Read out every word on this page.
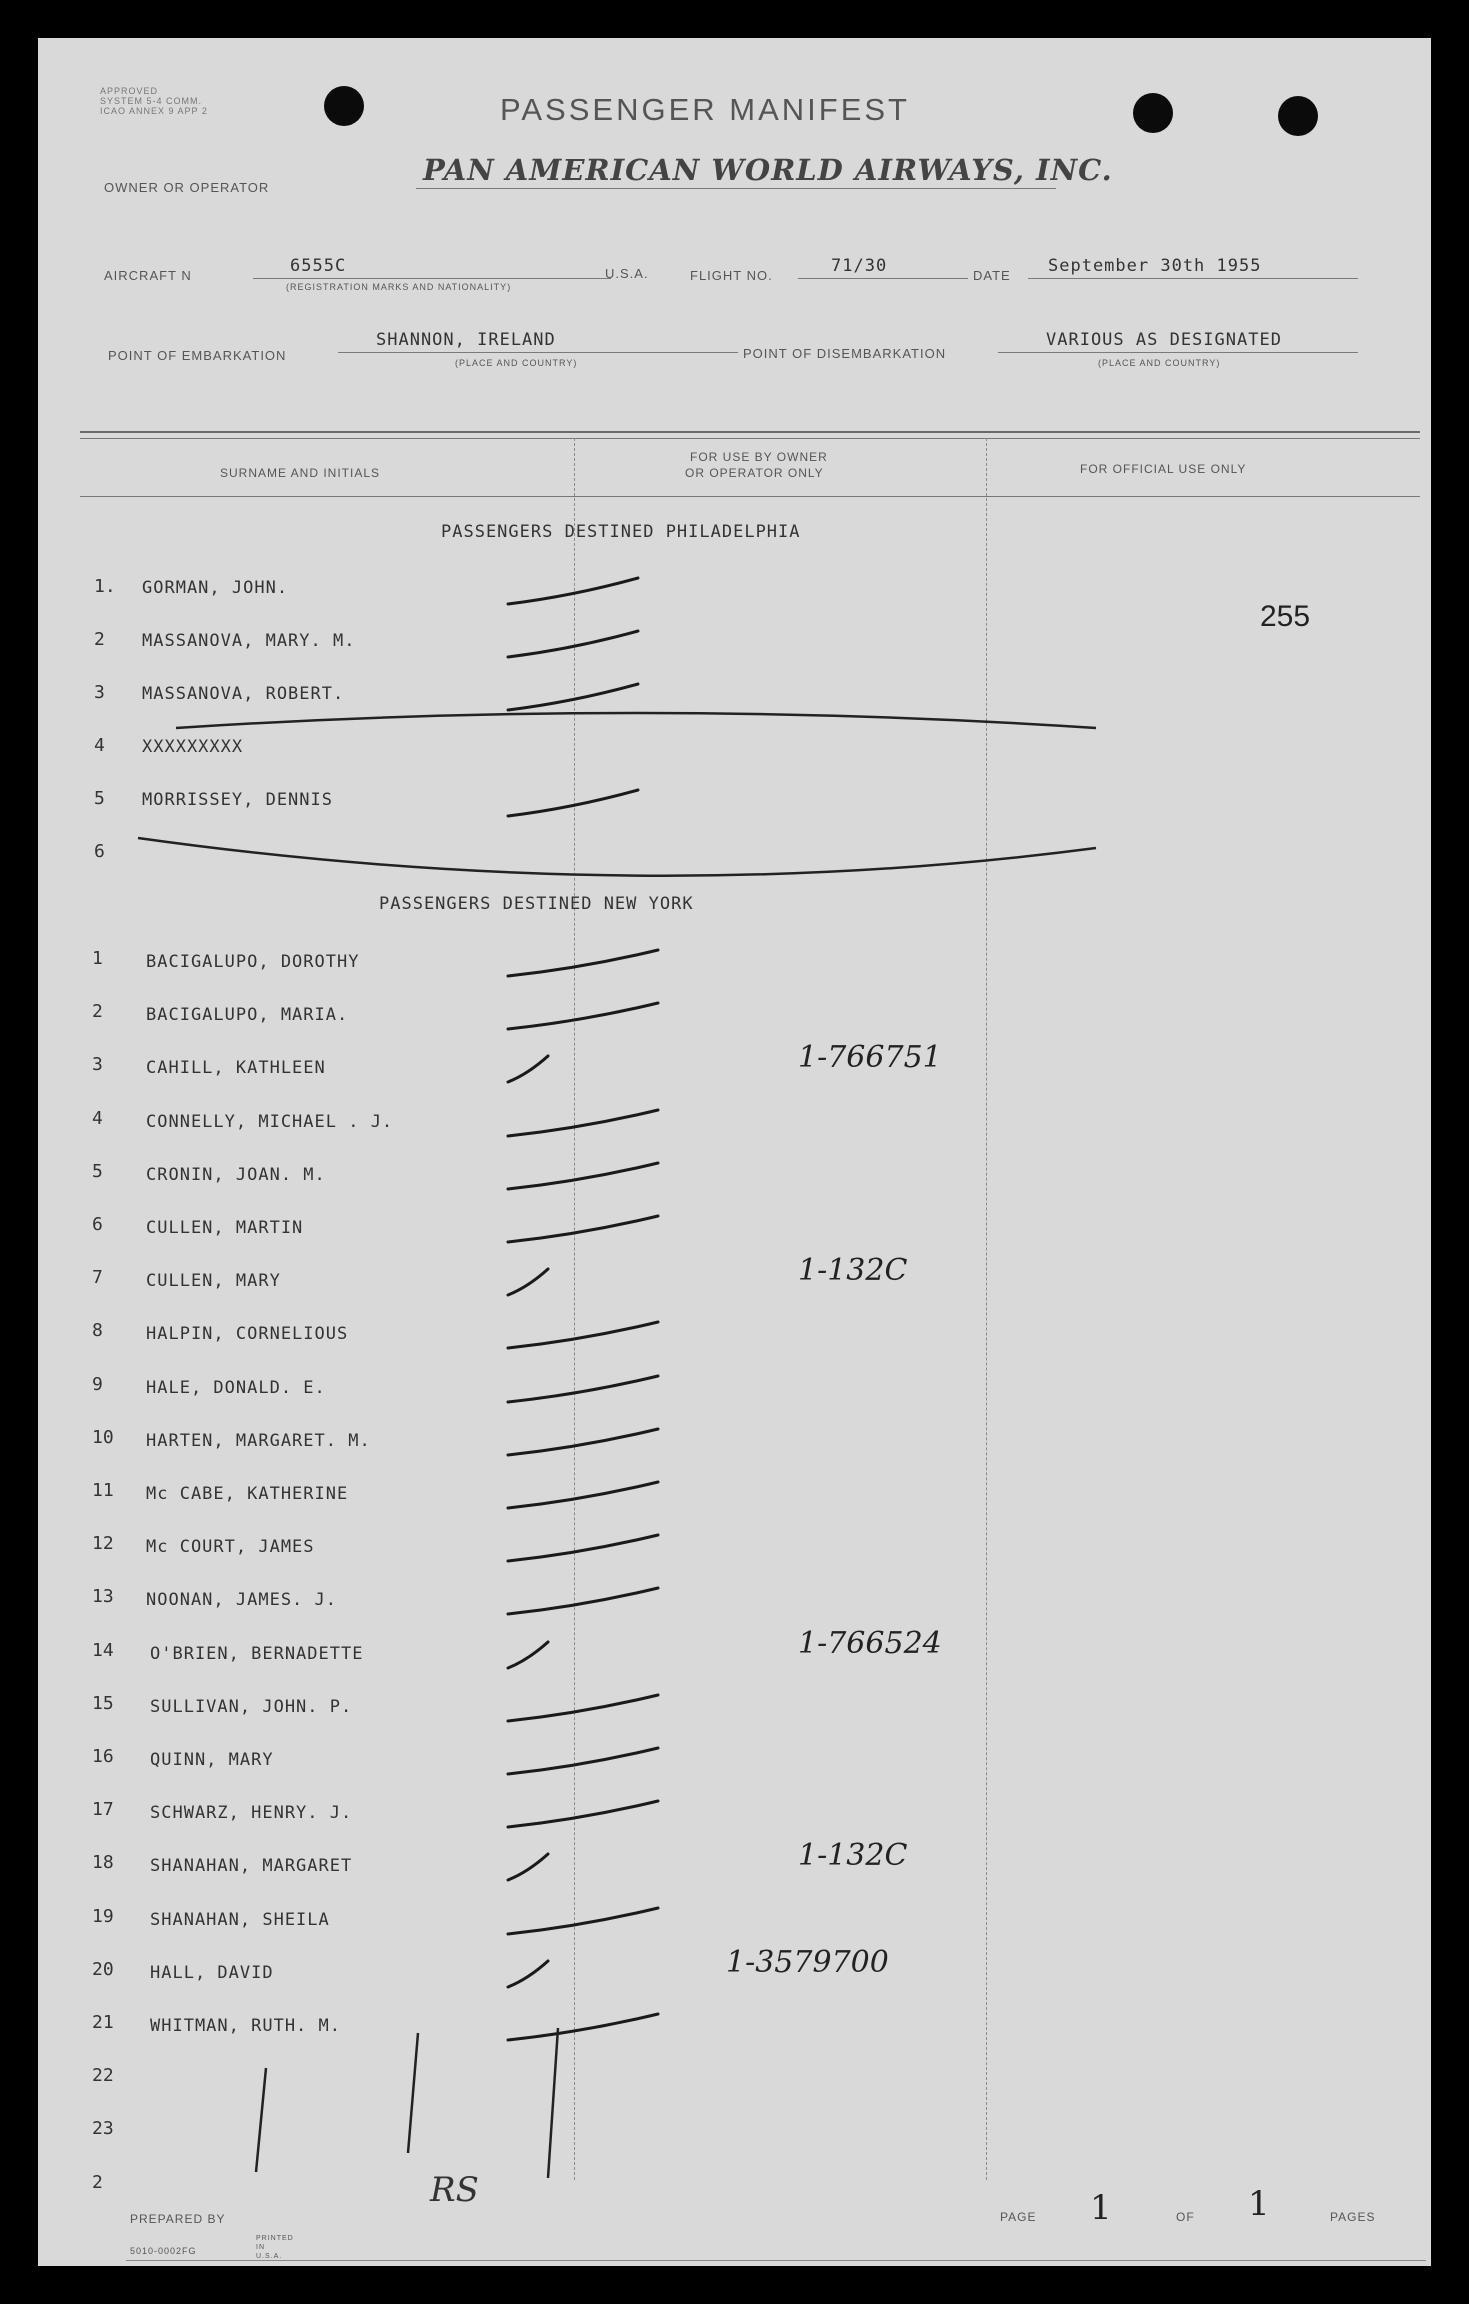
APPROVED
SYSTEM 5-4 COMM.
ICAO ANNEX 9 APP 2	PASSENGER MANIFEST
OWNER OR OPERATOR
PAN AMERICAN WORLD AIRWAYS, INC.
AIRCRAFT N	6555C
(REGISTRATION MARKS AND NATIONALITY)
U.S.A.	FLIGHT NO.	71/30	DATE September 30th 1955
POINT OF EMBARKATION
SHANNON, IRELAND
(PLACE AND COUNTRY)
POINT OF DISEMBARKATION
VARIOUS AS DESIGNATED
(PLACE AND COUNTRY)
SURNAME AND INITIALS
FOR USE BY OWNER
OR OPERATOR ONLY	FOR OFFICIAL USE ONLY
255
PASSENGERS DESTINED PHILADELPHIA
PASSENGERS DESTINED NEW YORK
1.	GORMAN, JOHN.
2	MASSANOVA, MARY. M.
3	MASSANOVA, ROBERT.
4	XXXXXXXXX
5	MORRISSEY, DENNIS
6
1	BACIGALUPO, DOROTHY
2	BACIGALUPO, MARIA.
3	CAHILL, KATHLEEN	1-766751
4	CONNELLY, MICHAEL . J.
5	CRONIN, JOAN. M.
6	CULLEN, MARTIN
7	CULLEN, MARY	1-132C
8	HALPIN, CORNELIOUS
9	HALE, DONALD. E.
10	HARTEN, MARGARET. M.
11	Mc CABE, KATHERINE
12	Mc COURT, JAMES
13	NOONAN, JAMES. J.
14	O'BRIEN, BERNADETTE	1-766524
15	SULLIVAN, JOHN. P.
16	QUINN, MARY
17	SCHWARZ, HENRY. J.
18	SHANAHAN, MARGARET	1-132C
19	SHANAHAN, SHEILA
20	HALL, DAVID	1-3579700
21	WHITMAN, RUTH. M.
22
23
2
PREPARED BY
RS
PAGE 1	OF 1	PAGES
5010-0002FG
PRINTED
IN
U.S.A.
